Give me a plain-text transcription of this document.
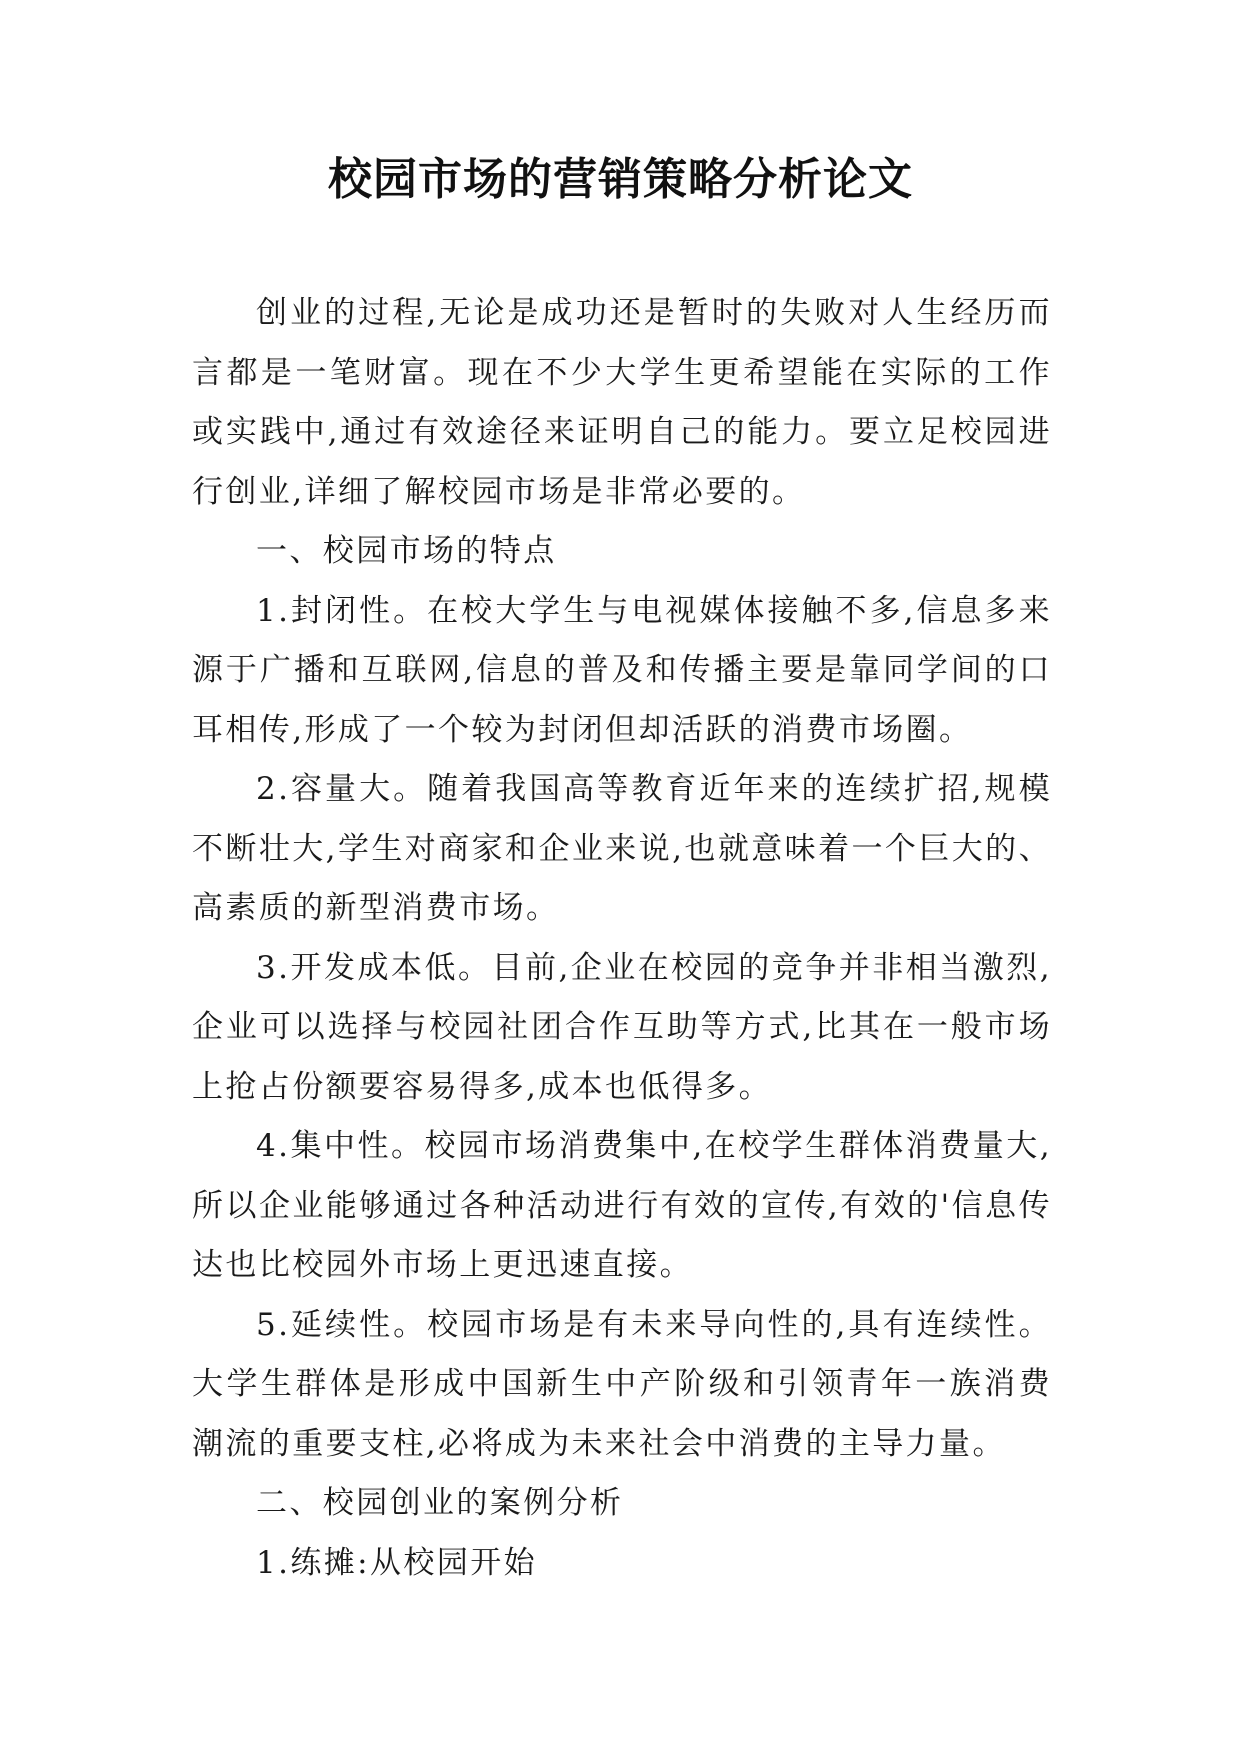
校园市场的营销策略分析论文

创业的过程,无论是成功还是暂时的失败对人生经历而言都是一笔财富。现在不少大学生更希望能在实际的工作或实践中,通过有效途径来证明自己的能力。要立足校园进行创业,详细了解校园市场是非常必要的。

一、校园市场的特点

1.封闭性。在校大学生与电视媒体接触不多,信息多来源于广播和互联网,信息的普及和传播主要是靠同学间的口耳相传,形成了一个较为封闭但却活跃的消费市场圈。

2.容量大。随着我国高等教育近年来的连续扩招,规模不断壮大,学生对商家和企业来说,也就意味着一个巨大的、高素质的新型消费市场。

3.开发成本低。目前,企业在校园的竞争并非相当激烈,企业可以选择与校园社团合作互助等方式,比其在一般市场上抢占份额要容易得多,成本也低得多。

4.集中性。校园市场消费集中,在校学生群体消费量大,所以企业能够通过各种活动进行有效的宣传,有效的'信息传达也比校园外市场上更迅速直接。

5.延续性。校园市场是有未来导向性的,具有连续性。大学生群体是形成中国新生中产阶级和引领青年一族消费潮流的重要支柱,必将成为未来社会中消费的主导力量。

二、校园创业的案例分析

1.练摊:从校园开始
